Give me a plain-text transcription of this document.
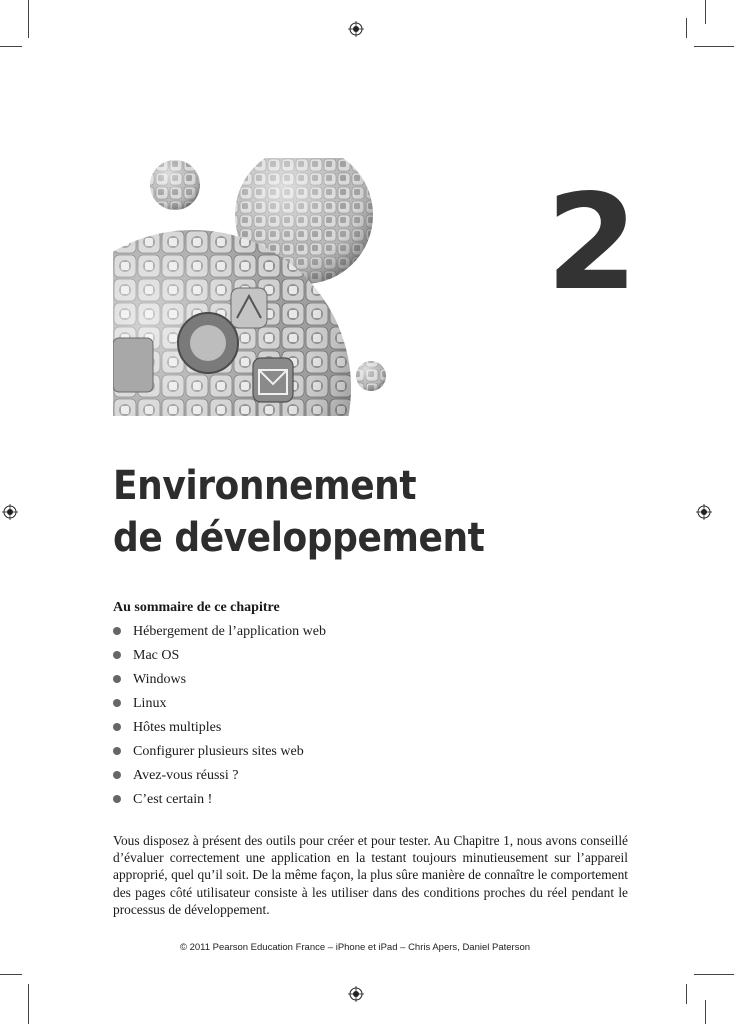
2
Environnement
de développement
Au sommaire de ce chapitre
Hébergement de l’application web
Mac OS
Windows
Linux
Hôtes multiples
Configurer plusieurs sites web
Avez-vous réussi ?
C’est certain !

Vous disposez à présent des outils pour créer et pour tester. Au Chapitre 1, nous avons conseillé d’évaluer correctement une application en la testant toujours minutieusement sur l’appareil approprié, quel qu’il soit. De la même façon, la plus sûre manière de connaître le comportement des pages côté utilisateur consiste à les utiliser dans des conditions proches du réel pendant le processus de développement.

© 2011 Pearson Education France – iPhone et iPad – Chris Apers, Daniel Paterson
